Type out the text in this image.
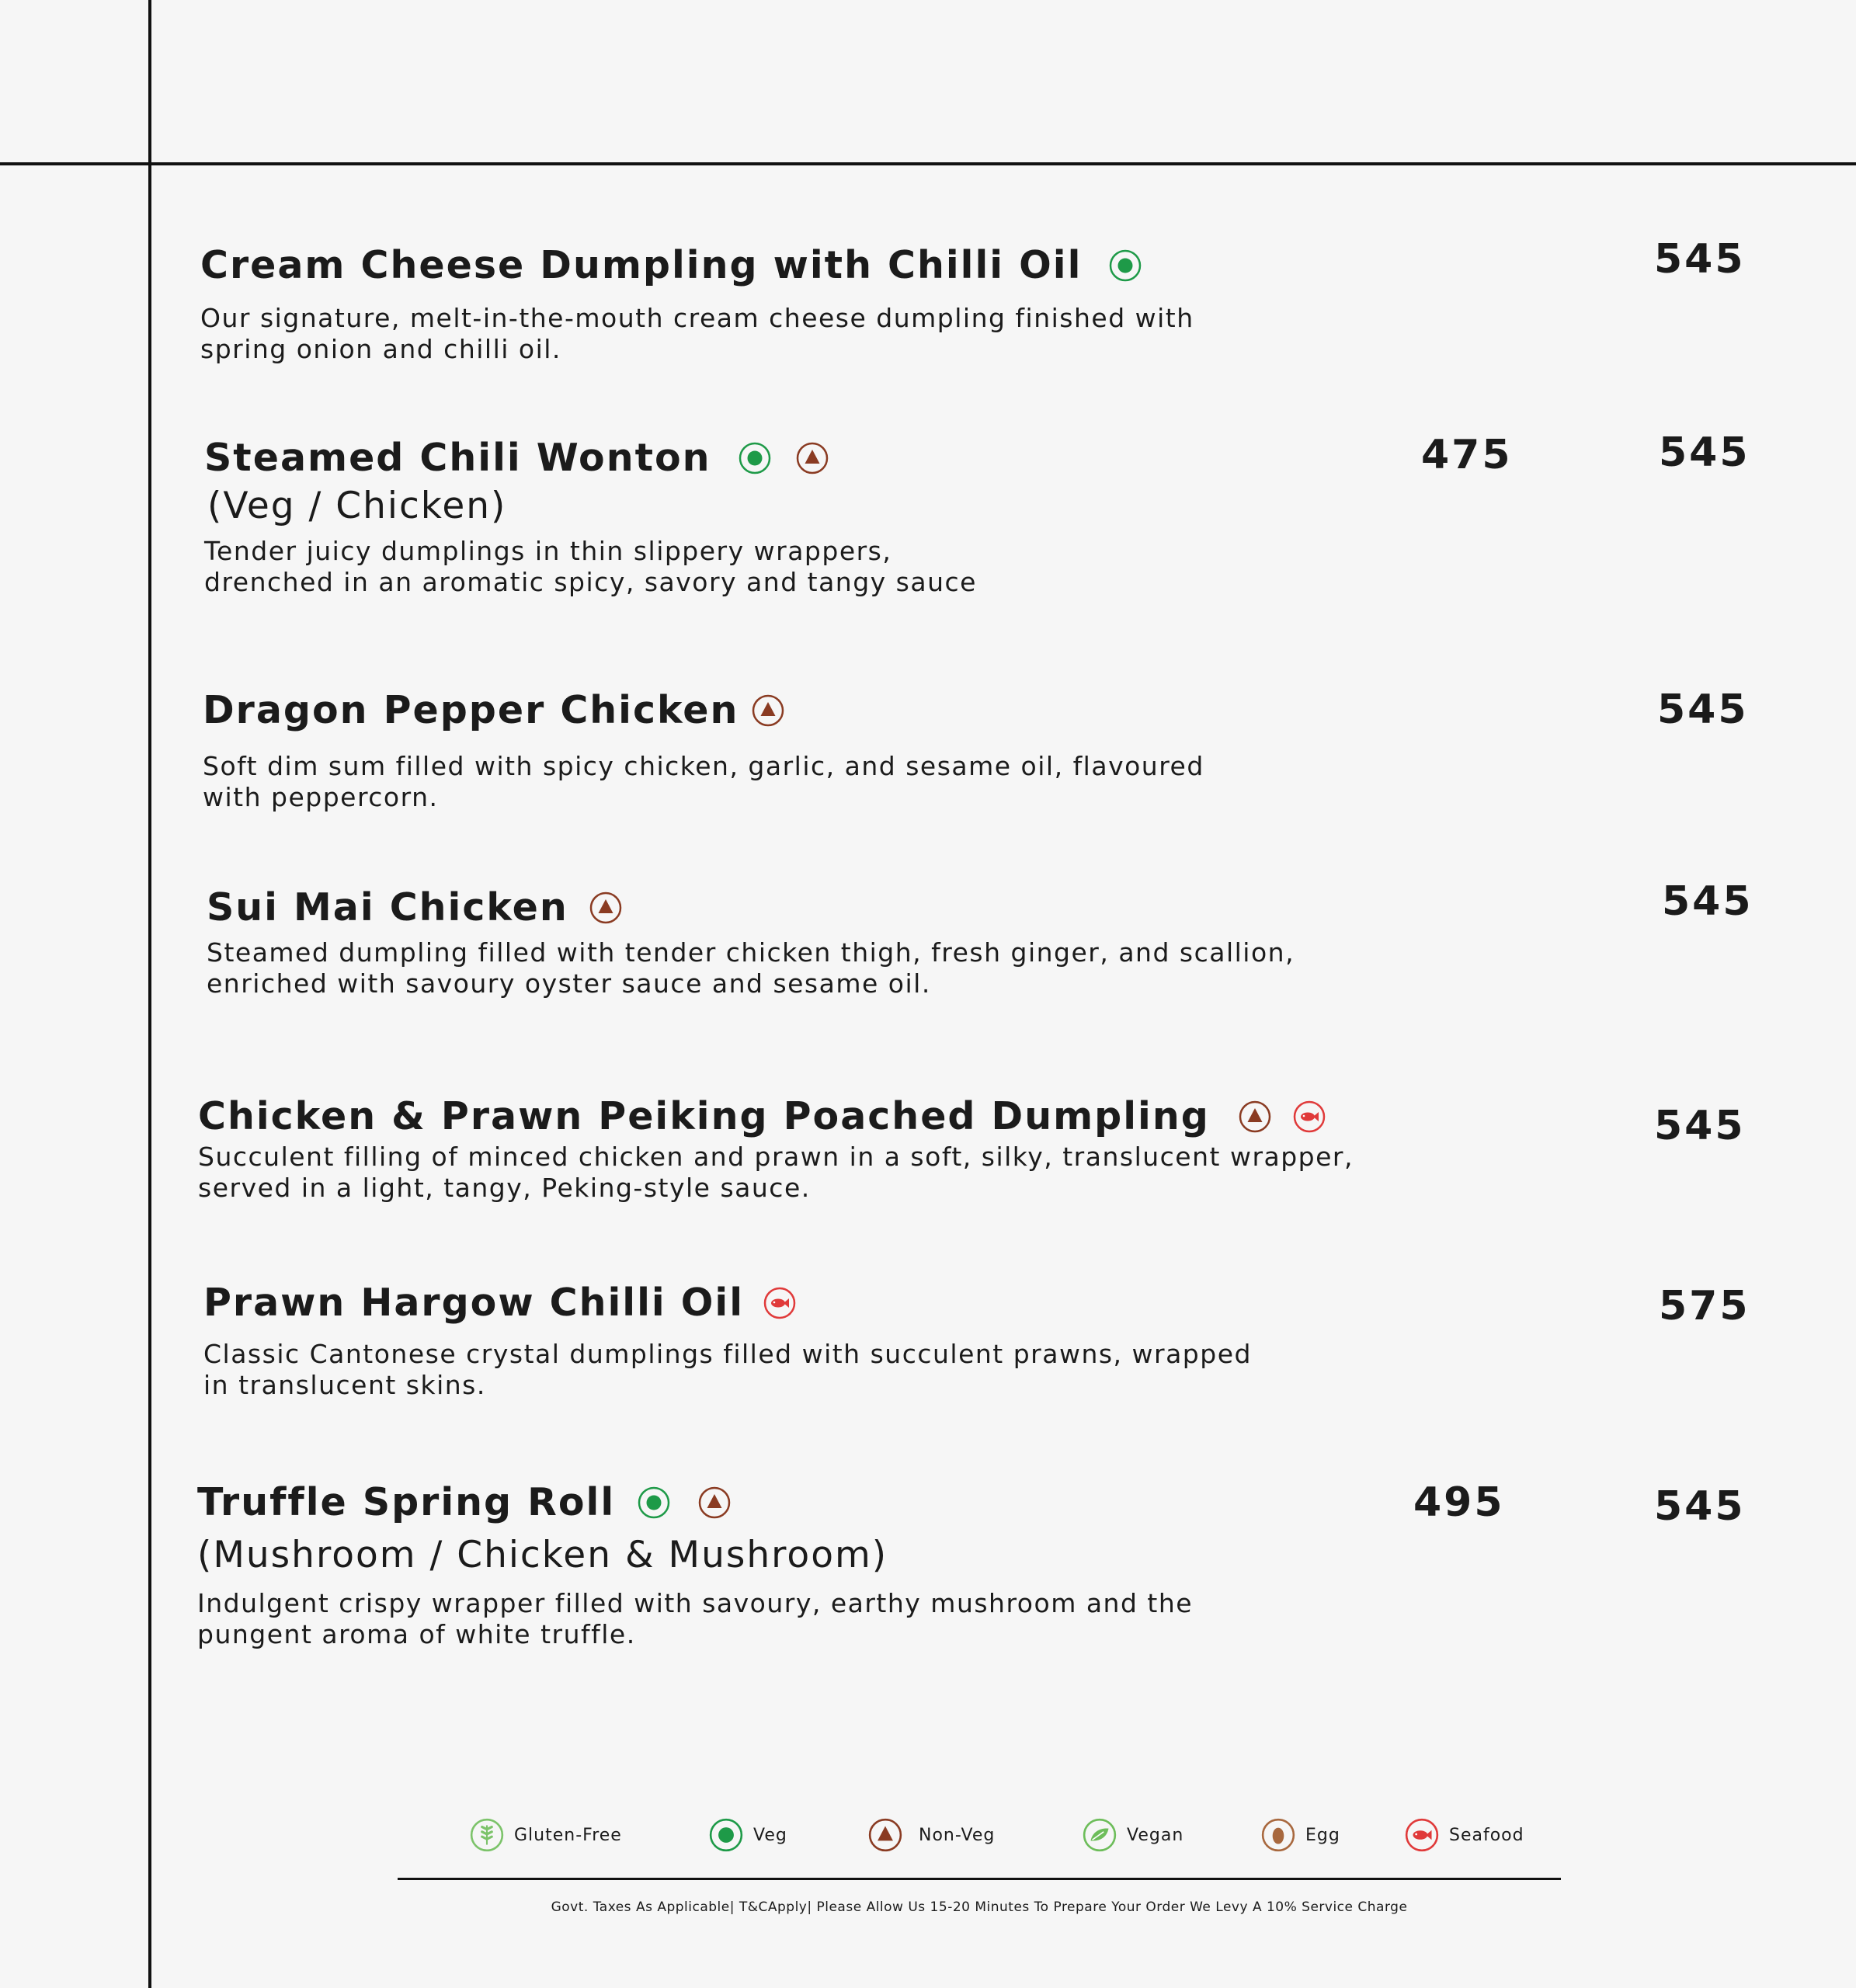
Cream Cheese Dumpling with Chilli Oil
Our signature, melt-in-the-mouth cream cheese dumpling finished with
spring onion and chilli oil.
545
Steamed Chili Wonton
(Veg / Chicken)
Tender juicy dumplings in thin slippery wrappers,
drenched in an aromatic spicy, savory and tangy sauce
475	545
Dragon Pepper Chicken
Soft dim sum filled with spicy chicken, garlic, and sesame oil, flavoured
with peppercorn.
545
Sui Mai Chicken
Steamed dumpling filled with tender chicken thigh, fresh ginger, and scallion,
enriched with savoury oyster sauce and sesame oil.
545
Chicken & Prawn Peiking Poached Dumpling
Succulent filling of minced chicken and prawn in a soft, silky, translucent wrapper,
served in a light, tangy, Peking-style sauce.
545
Prawn Hargow Chilli Oil
Classic Cantonese crystal dumplings filled with succulent prawns, wrapped
in translucent skins.
575
Truffle Spring Roll
(Mushroom / Chicken & Mushroom)
Indulgent crispy wrapper filled with savoury, earthy mushroom and the
pungent aroma of white truffle.
495	545
Gluten-Free	Veg	Non-Veg	Vegan	Egg	Seafood
Govt. Taxes As Applicable| T&CApply| Please Allow Us 15-20 Minutes To Prepare Your Order We Levy A 10% Service Charge
